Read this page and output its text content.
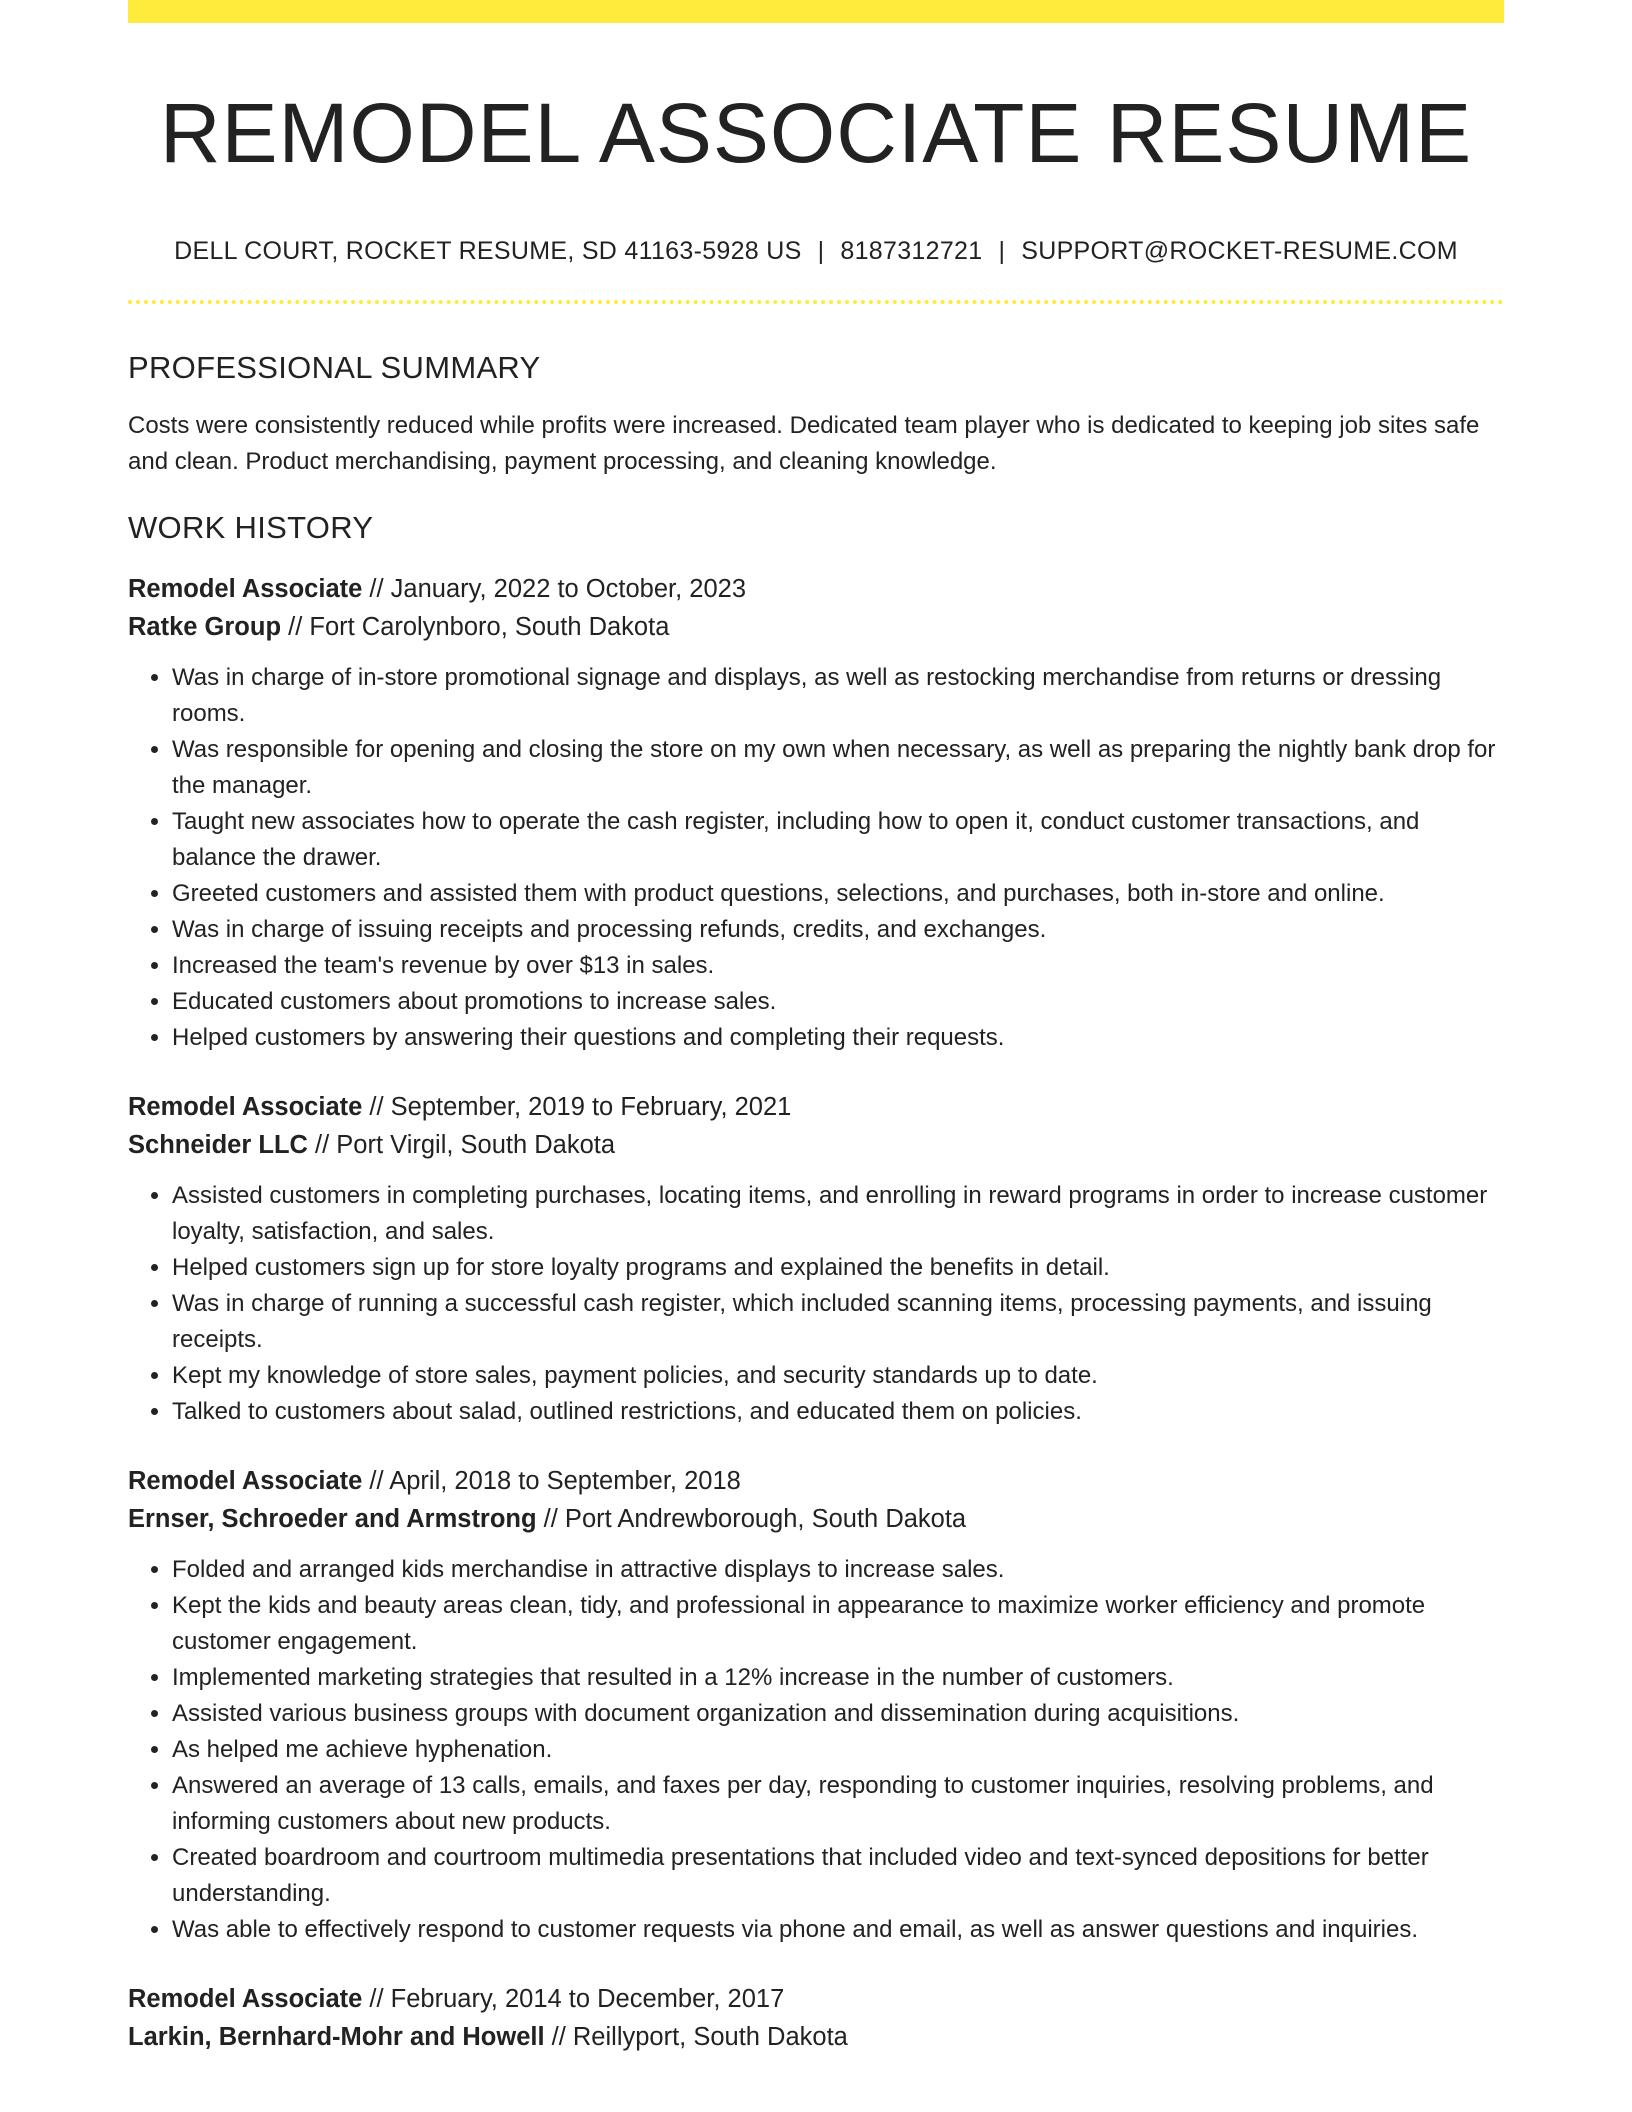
REMODEL ASSOCIATE RESUME
DELL COURT, ROCKET RESUME, SD 41163-5928 US | 8187312721 | SUPPORT@ROCKET-RESUME.COM
PROFESSIONAL SUMMARY

Costs were consistently reduced while profits were increased. Dedicated team player who is dedicated to keeping job sites safe and clean. Product merchandising, payment processing, and cleaning knowledge.

WORK HISTORY
Remodel Associate // January, 2022 to October, 2023
Ratke Group // Fort Carolynboro, South Dakota
• Was in charge of in-store promotional signage and displays, as well as restocking merchandise from returns or dressing rooms.
• Was responsible for opening and closing the store on my own when necessary, as well as preparing the nightly bank drop for the manager.
• Taught new associates how to operate the cash register, including how to open it, conduct customer transactions, and balance the drawer.
• Greeted customers and assisted them with product questions, selections, and purchases, both in-store and online.
• Was in charge of issuing receipts and processing refunds, credits, and exchanges.
• Increased the team's revenue by over $13 in sales.
• Educated customers about promotions to increase sales.
• Helped customers by answering their questions and completing their requests.
Remodel Associate // September, 2019 to February, 2021
Schneider LLC // Port Virgil, South Dakota
• Assisted customers in completing purchases, locating items, and enrolling in reward programs in order to increase customer loyalty, satisfaction, and sales.
• Helped customers sign up for store loyalty programs and explained the benefits in detail.
• Was in charge of running a successful cash register, which included scanning items, processing payments, and issuing receipts.
• Kept my knowledge of store sales, payment policies, and security standards up to date.
• Talked to customers about salad, outlined restrictions, and educated them on policies.
Remodel Associate // April, 2018 to September, 2018
Ernser, Schroeder and Armstrong // Port Andrewborough, South Dakota
• Folded and arranged kids merchandise in attractive displays to increase sales.
• Kept the kids and beauty areas clean, tidy, and professional in appearance to maximize worker efficiency and promote customer engagement.
• Implemented marketing strategies that resulted in a 12% increase in the number of customers.
• Assisted various business groups with document organization and dissemination during acquisitions.
• As helped me achieve hyphenation.
• Answered an average of 13 calls, emails, and faxes per day, responding to customer inquiries, resolving problems, and informing customers about new products.
• Created boardroom and courtroom multimedia presentations that included video and text-synced depositions for better understanding.
• Was able to effectively respond to customer requests via phone and email, as well as answer questions and inquiries.
Remodel Associate // February, 2014 to December, 2017
Larkin, Bernhard-Mohr and Howell // Reillyport, South Dakota
